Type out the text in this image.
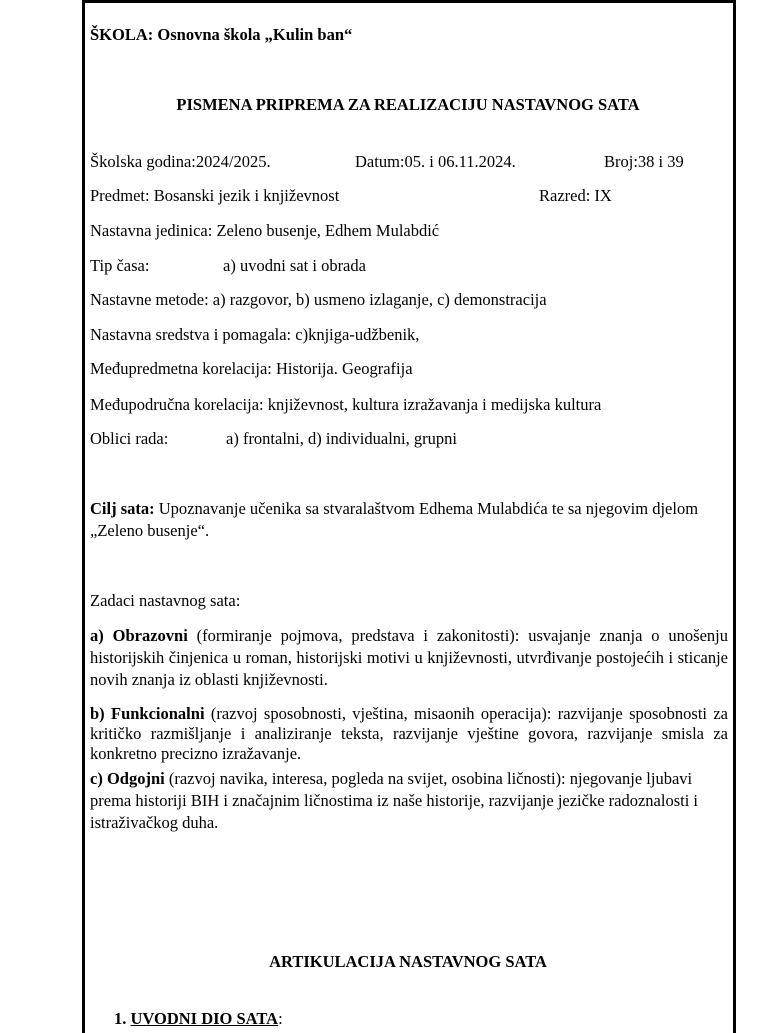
ŠKOLA: Osnovna škola „Kulin ban“
PISMENA PRIPREMA ZA REALIZACIJU NASTAVNOG SATA
Školska godina:2024/2025.	Datum:05. i 06.11.2024.	Broj:38 i 39
Predmet: Bosanski jezik i književnost	Razred: IX
Nastavna jedinica: Zeleno busenje, Edhem Mulabdić
Tip časa:	a) uvodni sat i obrada
Nastavne metode: a) razgovor, b) usmeno izlaganje, c) demonstracija
Nastavna sredstva i pomagala: c)knjiga-udžbenik,
Međupredmetna korelacija: Historija. Geografija
Međupodručna korelacija: književnost, kultura izražavanja i medijska kultura
Oblici rada:	a) frontalni, d) individualni, grupni
Cilj sata: Upoznavanje učenika sa stvaralaštvom Edhema Mulabdića te sa njegovim djelom „Zeleno busenje“.
Zadaci nastavnog sata:
a) Obrazovni (formiranje pojmova, predstava i zakonitosti): usvajanje znanja o unošenju historijskih činjenica u roman, historijski motivi u književnosti, utvrđivanje postojećih i sticanje novih znanja iz oblasti književnosti.
b) Funkcionalni (razvoj sposobnosti, vještina, misaonih operacija): razvijanje sposobnosti za kritičko razmišljanje i analiziranje teksta, razvijanje vještine govora, razvijanje smisla za konkretno precizno izražavanje.
c) Odgojni (razvoj navika, interesa, pogleda na svijet, osobina ličnosti): njegovanje ljubavi prema historiji BIH i značajnim ličnostima iz naše historije, razvijanje jezičke radoznalosti i istraživačkog duha.
ARTIKULACIJA NASTAVNOG SATA
1. UVODNI DIO SATA:
